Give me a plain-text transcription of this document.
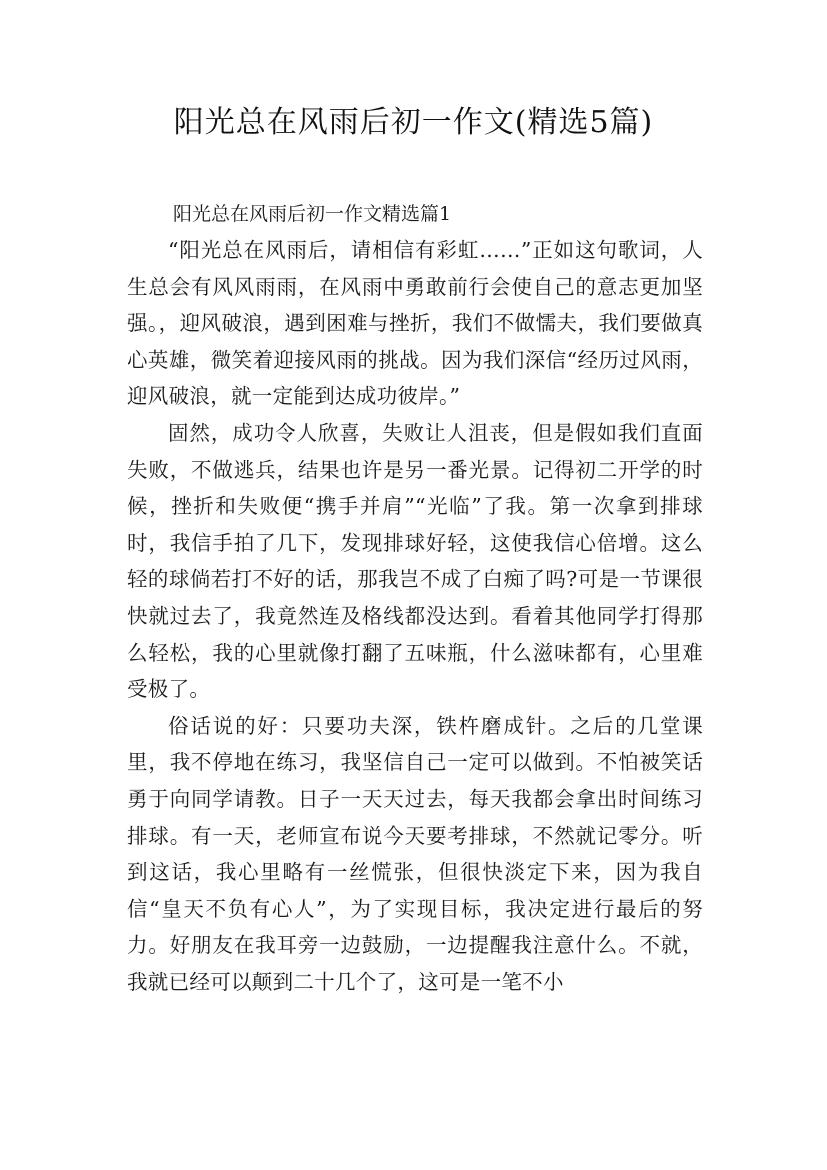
阳光总在风雨后初一作文(精选5篇)

阳光总在风雨后初一作文精选篇1

“阳光总在风雨后，请相信有彩虹……”正如这句歌词，人生总会有风风雨雨，在风雨中勇敢前行会使自己的意志更加坚强。，迎风破浪，遇到困难与挫折，我们不做懦夫，我们要做真心英雄，微笑着迎接风雨的挑战。因为我们深信“经历过风雨，迎风破浪，就一定能到达成功彼岸。”

固然，成功令人欣喜，失败让人沮丧，但是假如我们直面失败，不做逃兵，结果也许是另一番光景。记得初二开学的时候，挫折和失败便“携手并肩”“光临”了我。第一次拿到排球时，我信手拍了几下，发现排球好轻，这使我信心倍增。这么轻的球倘若打不好的话，那我岂不成了白痴了吗?可是一节课很快就过去了，我竟然连及格线都没达到。看着其他同学打得那么轻松，我的心里就像打翻了五味瓶，什么滋味都有，心里难受极了。

俗话说的好：只要功夫深，铁杵磨成针。之后的几堂课里，我不停地在练习，我坚信自己一定可以做到。不怕被笑话勇于向同学请教。日子一天天过去，每天我都会拿出时间练习排球。有一天，老师宣布说今天要考排球，不然就记零分。听到这话，我心里略有一丝慌张，但很快淡定下来，因为我自信“皇天不负有心人”，为了实现目标，我决定进行最后的努力。好朋友在我耳旁一边鼓励，一边提醒我注意什么。不就，我就已经可以颠到二十几个了，这可是一笔不小
